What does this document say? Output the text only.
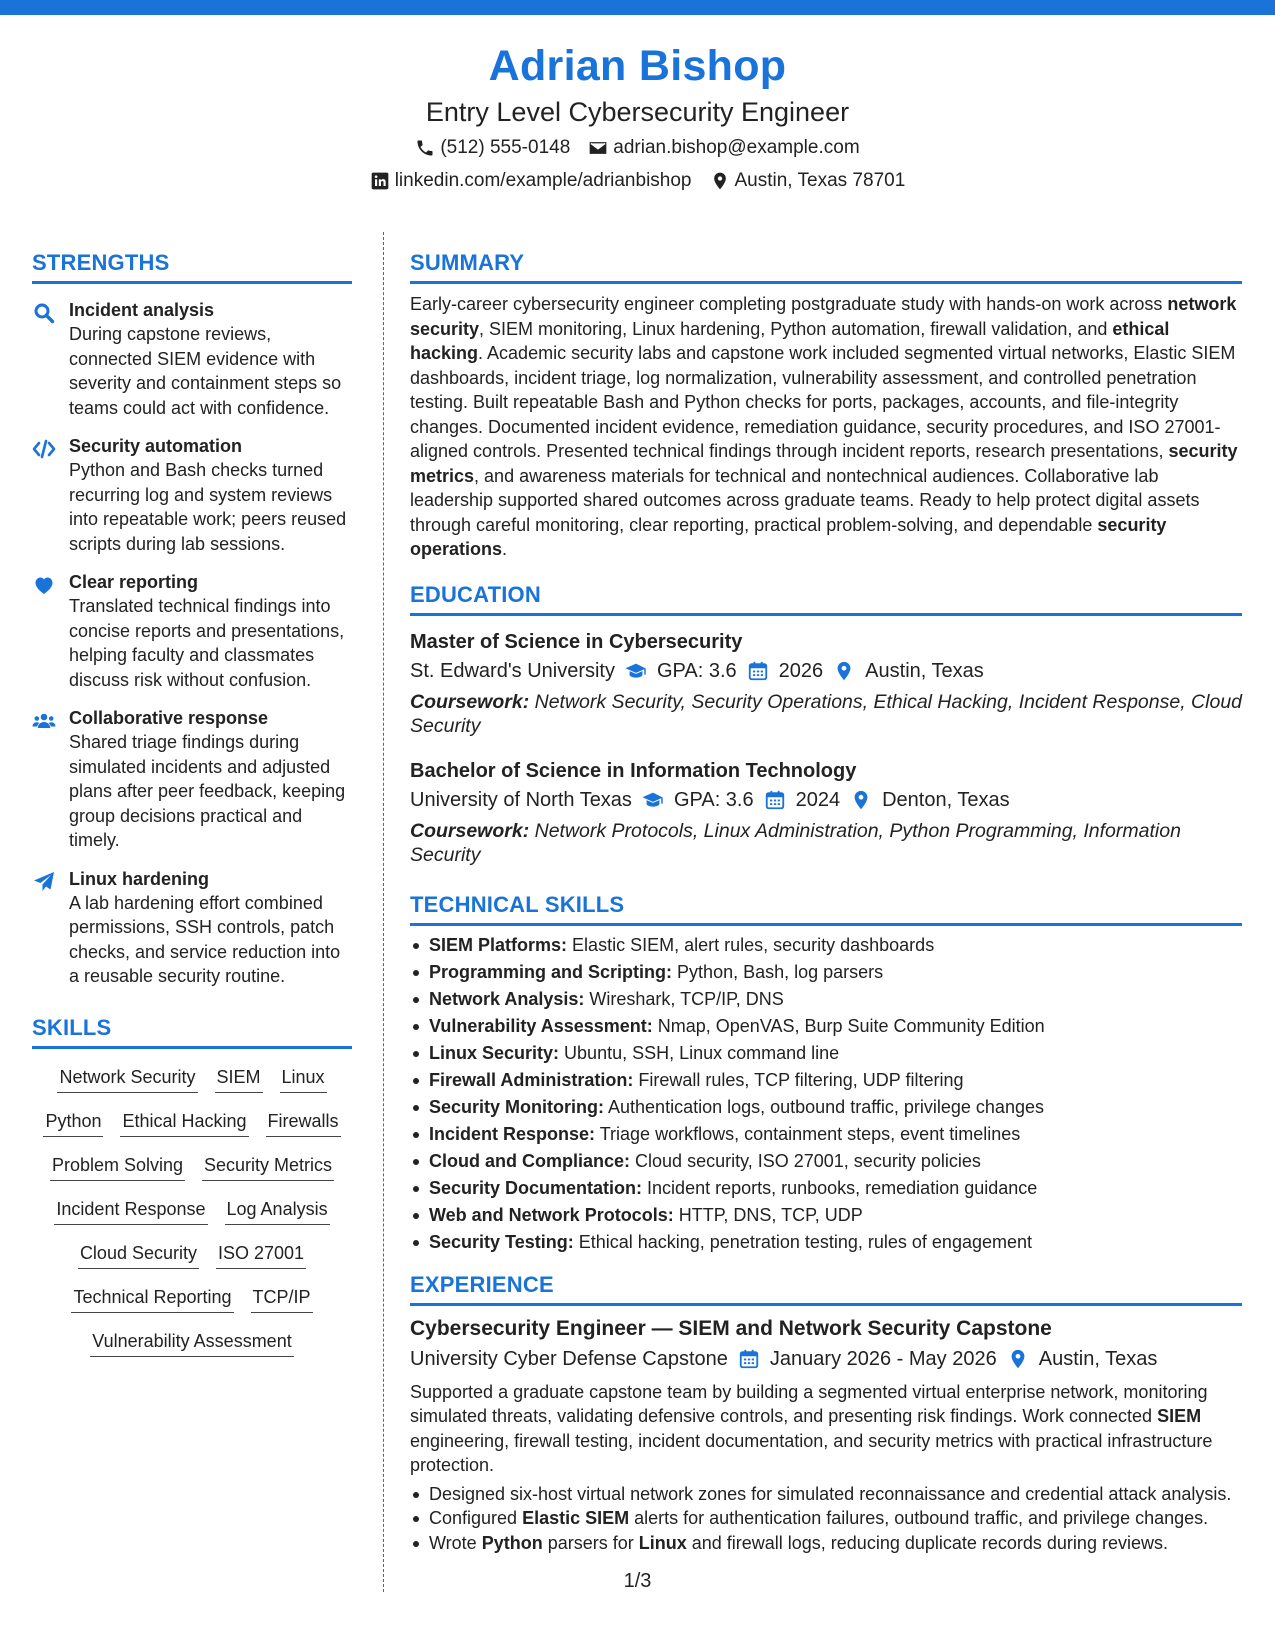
Adrian Bishop
Entry Level Cybersecurity Engineer
(512) 555-0148 adrian.bishop@example.com
linkedin.com/example/adrianbishop Austin, Texas 78701
STRENGTHS
Incident analysis
During capstone reviews, connected SIEM evidence with severity and containment steps so teams could act with confidence.
Security automation
Python and Bash checks turned recurring log and system reviews into repeatable work; peers reused scripts during lab sessions.
Clear reporting
Translated technical findings into concise reports and presentations, helping faculty and classmates discuss risk without confusion.
Collaborative response
Shared triage findings during simulated incidents and adjusted plans after peer feedback, keeping group decisions practical and timely.
Linux hardening
A lab hardening effort combined permissions, SSH controls, patch checks, and service reduction into a reusable security routine.
SKILLS
Network Security SIEM Linux
Python Ethical Hacking Firewalls
Problem Solving Security Metrics
Incident Response Log Analysis
Cloud Security ISO 27001
Technical Reporting TCP/IP
Vulnerability Assessment
SUMMARY
Early-career cybersecurity engineer completing postgraduate study with hands-on work across network security, SIEM monitoring, Linux hardening, Python automation, firewall validation, and ethical hacking. Academic security labs and capstone work included segmented virtual networks, Elastic SIEM dashboards, incident triage, log normalization, vulnerability assessment, and controlled penetration testing. Built repeatable Bash and Python checks for ports, packages, accounts, and file-integrity changes. Documented incident evidence, remediation guidance, security procedures, and ISO 27001-aligned controls. Presented technical findings through incident reports, research presentations, security metrics, and awareness materials for technical and nontechnical audiences. Collaborative lab leadership supported shared outcomes across graduate teams. Ready to help protect digital assets through careful monitoring, clear reporting, practical problem-solving, and dependable security operations.
EDUCATION
Master of Science in Cybersecurity
St. Edward's University GPA: 3.6 2026 Austin, Texas
Coursework: Network Security, Security Operations, Ethical Hacking, Incident Response, Cloud Security
Bachelor of Science in Information Technology
University of North Texas GPA: 3.6 2024 Denton, Texas
Coursework: Network Protocols, Linux Administration, Python Programming, Information Security
TECHNICAL SKILLS
SIEM Platforms: Elastic SIEM, alert rules, security dashboards
Programming and Scripting: Python, Bash, log parsers
Network Analysis: Wireshark, TCP/IP, DNS
Vulnerability Assessment: Nmap, OpenVAS, Burp Suite Community Edition
Linux Security: Ubuntu, SSH, Linux command line
Firewall Administration: Firewall rules, TCP filtering, UDP filtering
Security Monitoring: Authentication logs, outbound traffic, privilege changes
Incident Response: Triage workflows, containment steps, event timelines
Cloud and Compliance: Cloud security, ISO 27001, security policies
Security Documentation: Incident reports, runbooks, remediation guidance
Web and Network Protocols: HTTP, DNS, TCP, UDP
Security Testing: Ethical hacking, penetration testing, rules of engagement
EXPERIENCE
Cybersecurity Engineer — SIEM and Network Security Capstone
University Cyber Defense Capstone January 2026 - May 2026 Austin, Texas
Supported a graduate capstone team by building a segmented virtual enterprise network, monitoring simulated threats, validating defensive controls, and presenting risk findings. Work connected SIEM engineering, firewall testing, incident documentation, and security metrics with practical infrastructure protection.
Designed six-host virtual network zones for simulated reconnaissance and credential attack analysis.
Configured Elastic SIEM alerts for authentication failures, outbound traffic, and privilege changes.
Wrote Python parsers for Linux and firewall logs, reducing duplicate records during reviews.
1/3
